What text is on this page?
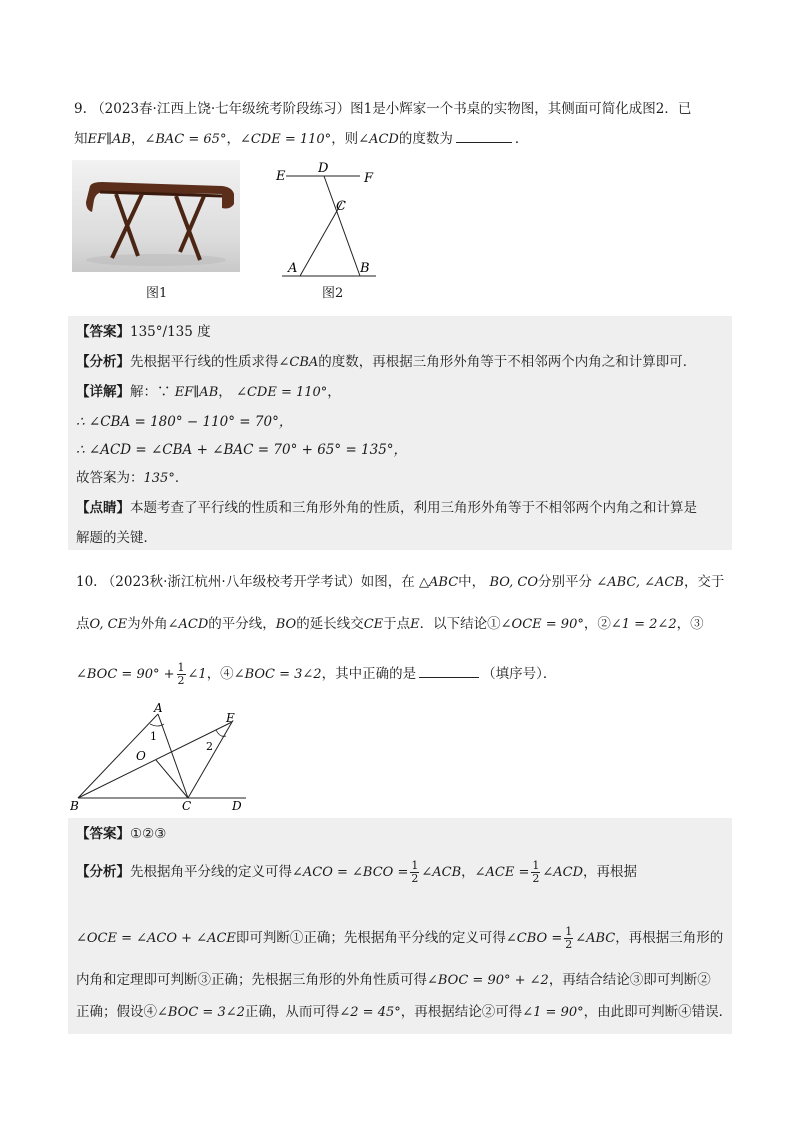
9. （2023春·江西上饶·七年级统考阶段练习）图1是小辉家一个书桌的实物图，其侧面可简化成图2．已
知EF∥AB，∠BAC = 65°，∠CDE = 110°，则∠ACD的度数为	．
图1
E
D
F
C
A	B
图2
【答案】135°/135 度
【分析】先根据平行线的性质求得∠CBA的度数，再根据三角形外角等于不相邻两个内角之和计算即可．
【详解】解：∵ EF∥AB， ∠CDE = 110°，
∴ ∠CBA = 180° − 110° = 70°，
∴ ∠ACD = ∠CBA + ∠BAC = 70° + 65° = 135°，
故答案为：135°．
【点睛】本题考查了平行线的性质和三角形外角的性质，利用三角形外角等于不相邻两个内角之和计算是
解题的关键．
10. （2023秋·浙江杭州·八年级校考开学考试）如图，在 △ABC中， BO, CO分别平分 ∠ABC, ∠ACB，交于
点O, CE为外角∠ACD的平分线，BO的延长线交CE于点E．以下结论①∠OCE = 90°，②∠1 = 2∠2，③
∠BOC = $90^\circ + \frac{1}{2}$ ∠1，④∠BOC = 3∠2，其中正确的是	（填序号）．
A
B	C	D
E
O
1
2
【答案】①②③
【分析】先根据角平分线的定义可得∠ACO = ∠BCO = $\frac{1}{2}$ ∠ACB，∠ACE = $\frac{1}{2}$ ∠ACD，再根据
∠OCE = ∠ACO + ∠ACE即可判断①正确；先根据角平分线的定义可得∠CBO = $\frac{1}{2}$ ∠ABC，再根据三角形的
内角和定理即可判断③正确；先根据三角形的外角性质可得∠BOC = 90° + ∠2，再结合结论③即可判断②
正确；假设④∠BOC = 3∠2正确，从而可得∠2 = 45°，再根据结论②可得∠1 = 90°，由此即可判断④错误．
